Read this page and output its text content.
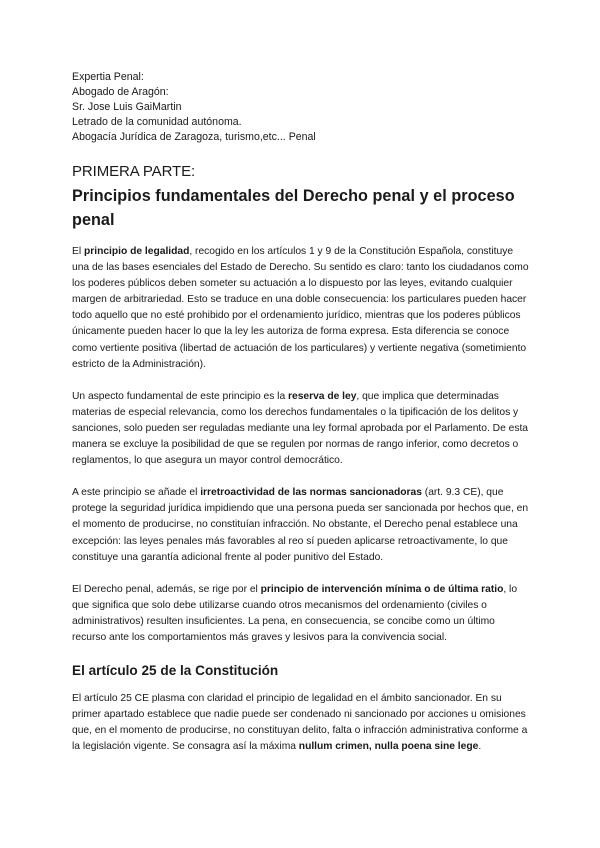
Expertia Penal:
Abogado de Aragón:
Sr. Jose Luis GaiMartin
Letrado de la comunidad autónoma.
Abogacía Jurídica de Zaragoza, turismo,etc... Penal
PRIMERA PARTE:
Principios fundamentales del Derecho penal y el proceso penal

El principio de legalidad, recogido en los artículos 1 y 9 de la Constitución Española, constituye una de las bases esenciales del Estado de Derecho. Su sentido es claro: tanto los ciudadanos como los poderes públicos deben someter su actuación a lo dispuesto por las leyes, evitando cualquier margen de arbitrariedad. Esto se traduce en una doble consecuencia: los particulares pueden hacer todo aquello que no esté prohibido por el ordenamiento jurídico, mientras que los poderes públicos únicamente pueden hacer lo que la ley les autoriza de forma expresa. Esta diferencia se conoce como vertiente positiva (libertad de actuación de los particulares) y vertiente negativa (sometimiento estricto de la Administración).

Un aspecto fundamental de este principio es la reserva de ley, que implica que determinadas materias de especial relevancia, como los derechos fundamentales o la tipificación de los delitos y sanciones, solo pueden ser reguladas mediante una ley formal aprobada por el Parlamento. De esta manera se excluye la posibilidad de que se regulen por normas de rango inferior, como decretos o reglamentos, lo que asegura un mayor control democrático.

A este principio se añade el irretroactividad de las normas sancionadoras (art. 9.3 CE), que protege la seguridad jurídica impidiendo que una persona pueda ser sancionada por hechos que, en el momento de producirse, no constituían infracción. No obstante, el Derecho penal establece una excepción: las leyes penales más favorables al reo sí pueden aplicarse retroactivamente, lo que constituye una garantía adicional frente al poder punitivo del Estado.

El Derecho penal, además, se rige por el principio de intervención mínima o de última ratio, lo que significa que solo debe utilizarse cuando otros mecanismos del ordenamiento (civiles o administrativos) resulten insuficientes. La pena, en consecuencia, se concibe como un último recurso ante los comportamientos más graves y lesivos para la convivencia social.

El artículo 25 de la Constitución

El artículo 25 CE plasma con claridad el principio de legalidad en el ámbito sancionador. En su primer apartado establece que nadie puede ser condenado ni sancionado por acciones u omisiones que, en el momento de producirse, no constituyan delito, falta o infracción administrativa conforme a la legislación vigente. Se consagra así la máxima nullum crimen, nulla poena sine lege.
